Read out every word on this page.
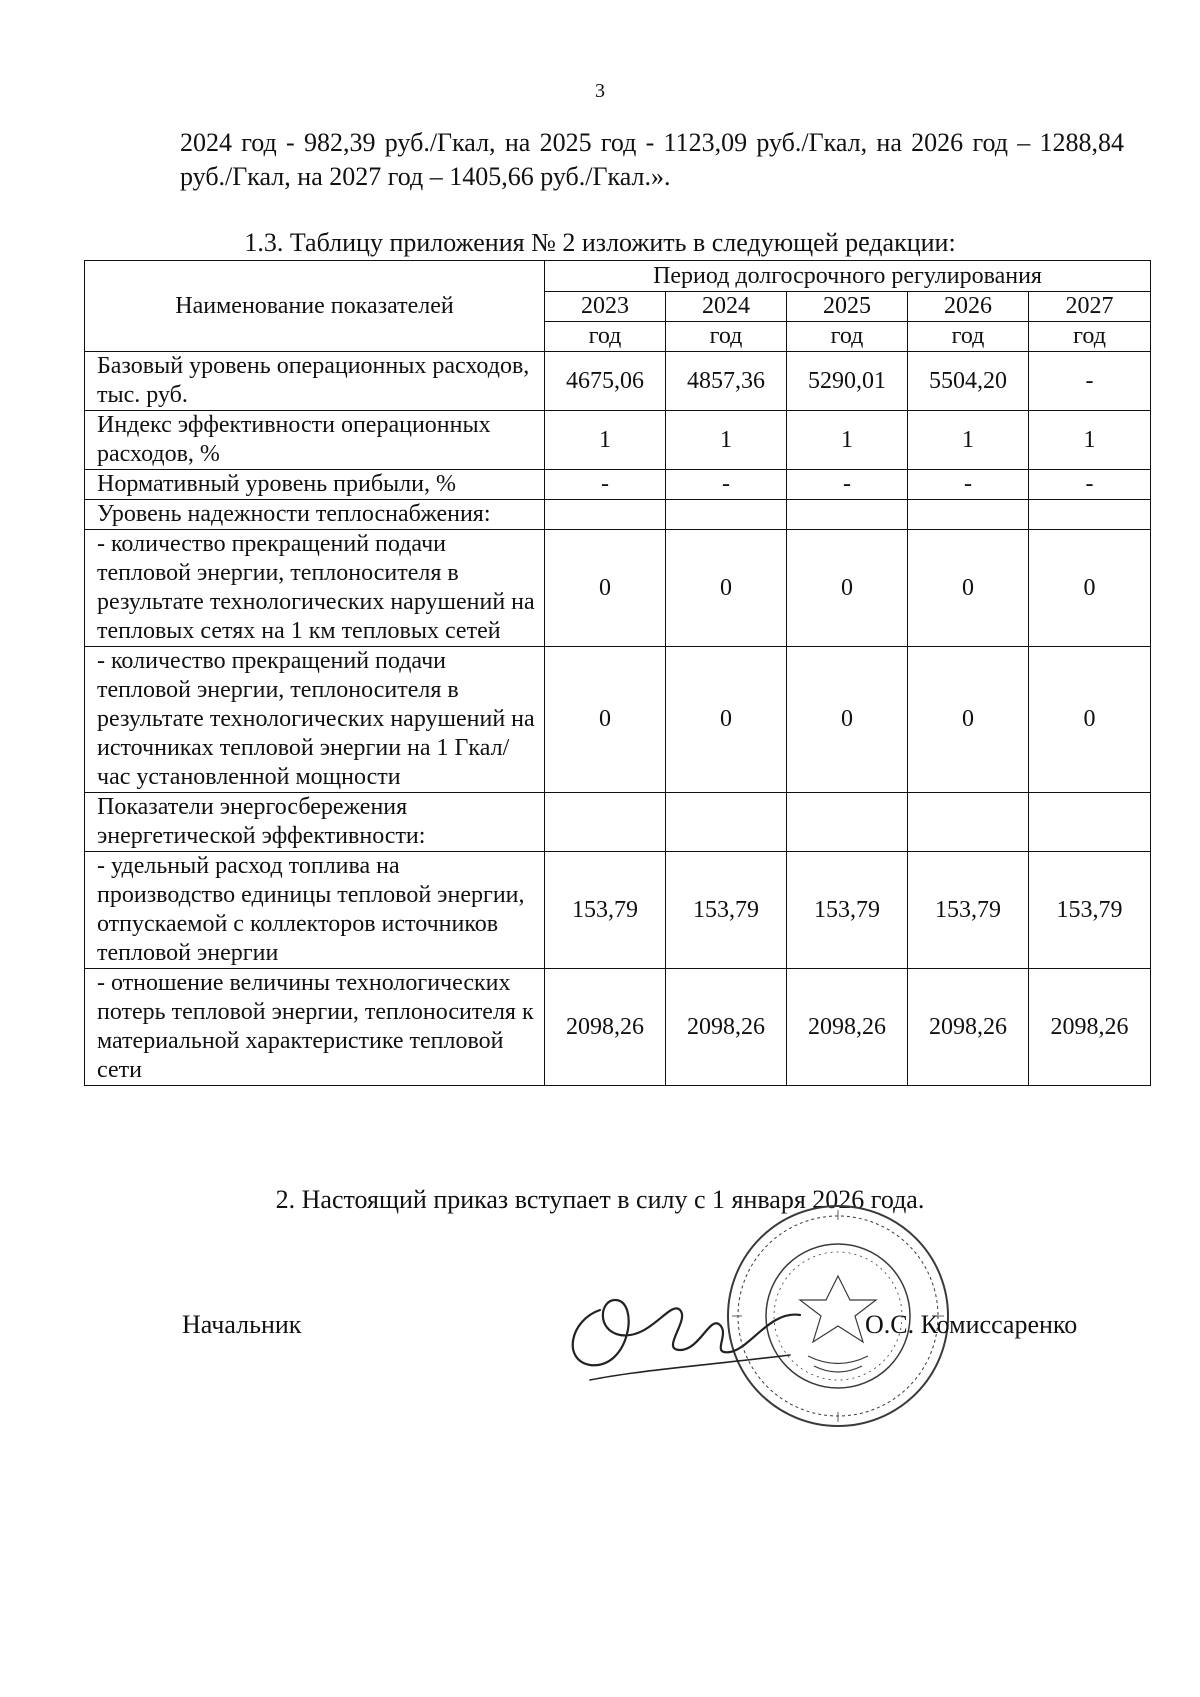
3

2024 год - 982,39 руб./Гкал, на 2025 год - 1123,09 руб./Гкал, на 2026 год – 1288,84 руб./Гкал, на 2027 год – 1405,66 руб./Гкал.».

1.3. Таблицу приложения № 2 изложить в следующей редакции:
Наименование показателей	Период долгосрочного регулирования				
	2023	2024	2025	2026	2027
	год	год	год	год	год
Базовый уровень операционных расходов, тыс. руб.	4675,06	4857,36	5290,01	5504,20	-
Индекс эффективности операционных расходов, %	1	1	1	1	1
Нормативный уровень прибыли, %	-	-	-	-	-
Уровень надежности теплоснабжения:					
- количество прекращений подачи тепловой энергии, теплоносителя в результате технологических нарушений на тепловых сетях на 1 км тепловых сетей	0	0	0	0	0
- количество прекращений подачи тепловой энергии, теплоносителя в результате технологических нарушений на источниках тепловой энергии на 1 Гкал/час установленной мощности	0	0	0	0	0
Показатели энергосбережения энергетической эффективности:					
- удельный расход топлива на производство единицы тепловой энергии, отпускаемой с коллекторов источников тепловой энергии	153,79	153,79	153,79	153,79	153,79
- отношение величины технологических потерь тепловой энергии, теплоносителя к материальной характеристике тепловой сети	2098,26	2098,26	2098,26	2098,26	2098,26
2. Настоящий приказ вступает в силу с 1 января 2026 года.
Начальник	О.С. Комиссаренко
